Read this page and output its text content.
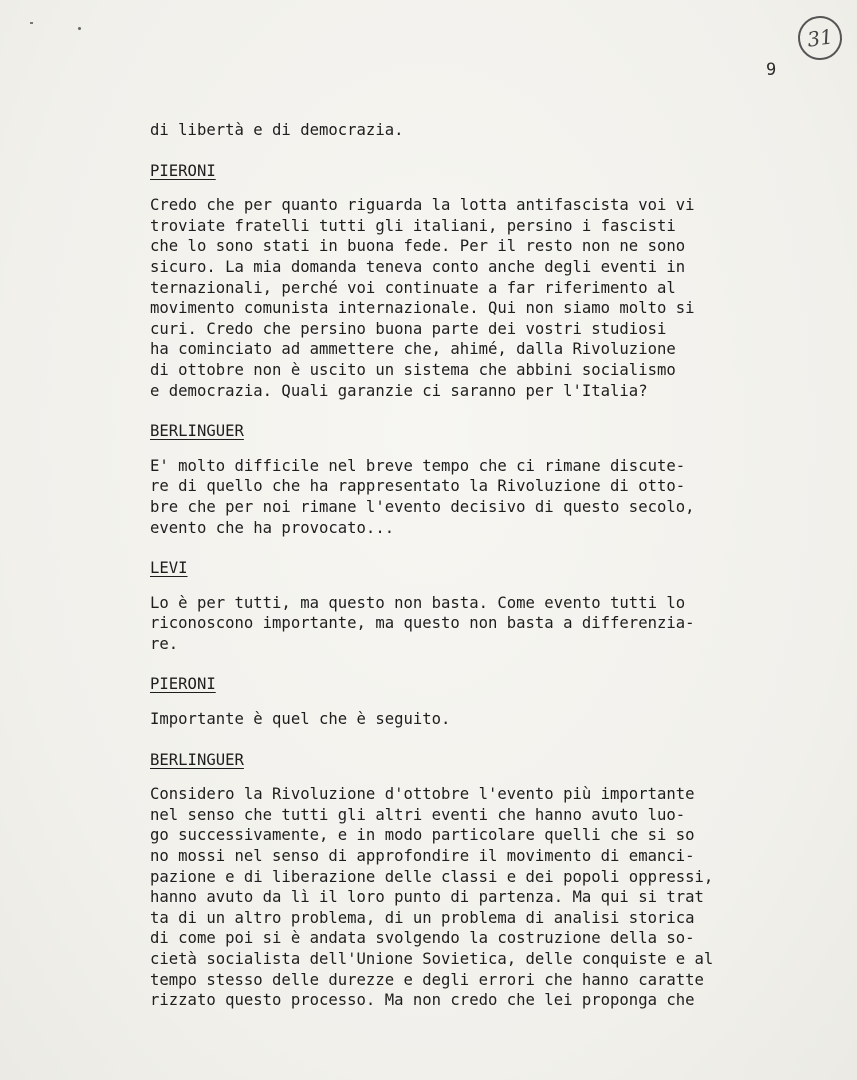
31
9
di libertà e di democrazia.
PIERONI
Credo che per quanto riguarda la lotta antifascista voi vi
troviate fratelli tutti gli italiani, persino i fascisti
che lo sono stati in buona fede. Per il resto non ne sono
sicuro. La mia domanda teneva conto anche degli eventi in
ternazionali, perché voi continuate a far riferimento al
movimento comunista internazionale. Qui non siamo molto si
curi. Credo che persino buona parte dei vostri studiosi
ha cominciato ad ammettere che, ahimé, dalla Rivoluzione
di ottobre non è uscito un sistema che abbini socialismo
e democrazia. Quali garanzie ci saranno per l'Italia?
BERLINGUER
E' molto difficile nel breve tempo che ci rimane discute-
re di quello che ha rappresentato la Rivoluzione di otto-
bre che per noi rimane l'evento decisivo di questo secolo,
evento che ha provocato...
LEVI
Lo è per tutti, ma questo non basta. Come evento tutti lo
riconoscono importante, ma questo non basta a differenzia-
re.
PIERONI
Importante è quel che è seguito.
BERLINGUER
Considero la Rivoluzione d'ottobre l'evento più importante
nel senso che tutti gli altri eventi che hanno avuto luo-
go successivamente, e in modo particolare quelli che si so
no mossi nel senso di approfondire il movimento di emanci-
pazione e di liberazione delle classi e dei popoli oppressi,
hanno avuto da lì il loro punto di partenza. Ma qui si trat
ta di un altro problema, di un problema di analisi storica
di come poi si è andata svolgendo la costruzione della so-
cietà socialista dell'Unione Sovietica, delle conquiste e al
tempo stesso delle durezze e degli errori che hanno caratte
rizzato questo processo. Ma non credo che lei proponga che
